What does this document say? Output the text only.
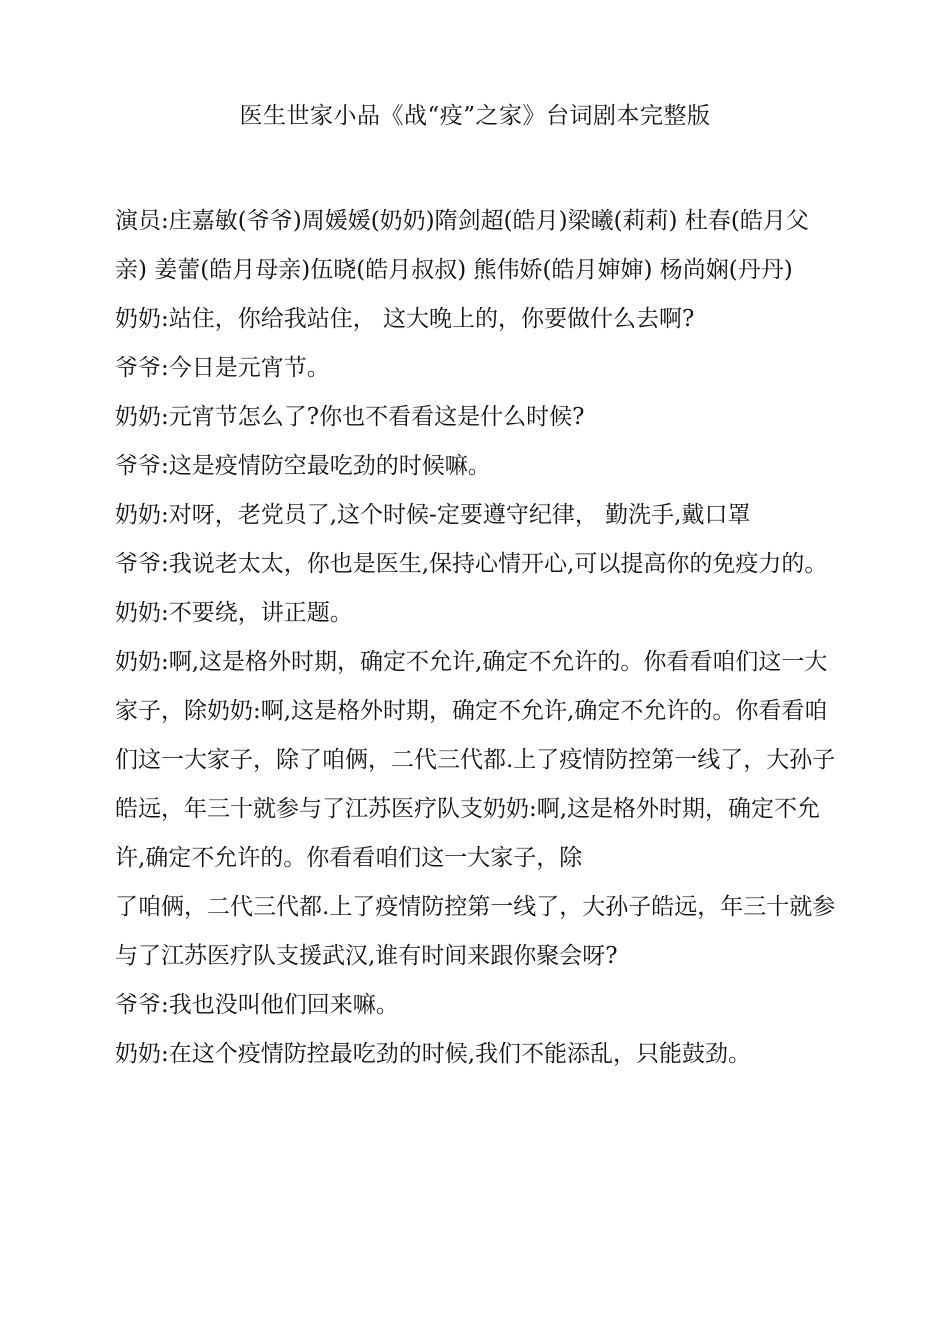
医生世家小品《战“疫”之家》台词剧本完整版

演员:庄嘉敏(爷爷)周媛媛(奶奶)隋剑超(皓月)梁曦(莉莉) 杜春(皓月父亲) 姜蕾(皓月母亲)伍晓(皓月叔叔) 熊伟娇(皓月婶婶) 杨尚娴(丹丹)

奶奶:站住，你给我站住， 这大晚上的，你要做什么去啊?

爷爷:今日是元宵节。

奶奶:元宵节怎么了?你也不看看这是什么时候?

爷爷:这是疫情防空最吃劲的时候嘛。

奶奶:对呀，老党员了,这个时候-定要遵守纪律， 勤洗手,戴口罩

爷爷:我说老太太，你也是医生,保持心情开心,可以提高你的免疫力的。

奶奶:不要绕，讲正题。

奶奶:啊,这是格外时期，确定不允许,确定不允许的。你看看咱们这一大家子，除奶奶:啊,这是格外时期，确定不允许,确定不允许的。你看看咱们这一大家子，除了咱俩，二代三代都.上了疫情防控第一线了，大孙子皓远，年三十就参与了江苏医疗队支奶奶:啊,这是格外时期，确定不允许,确定不允许的。你看看咱们这一大家子，除

了咱俩，二代三代都.上了疫情防控第一线了，大孙子皓远，年三十就参与了江苏医疗队支援武汉,谁有时间来跟你聚会呀?

爷爷:我也没叫他们回来嘛。

奶奶:在这个疫情防控最吃劲的时候,我们不能添乱，只能鼓劲。
